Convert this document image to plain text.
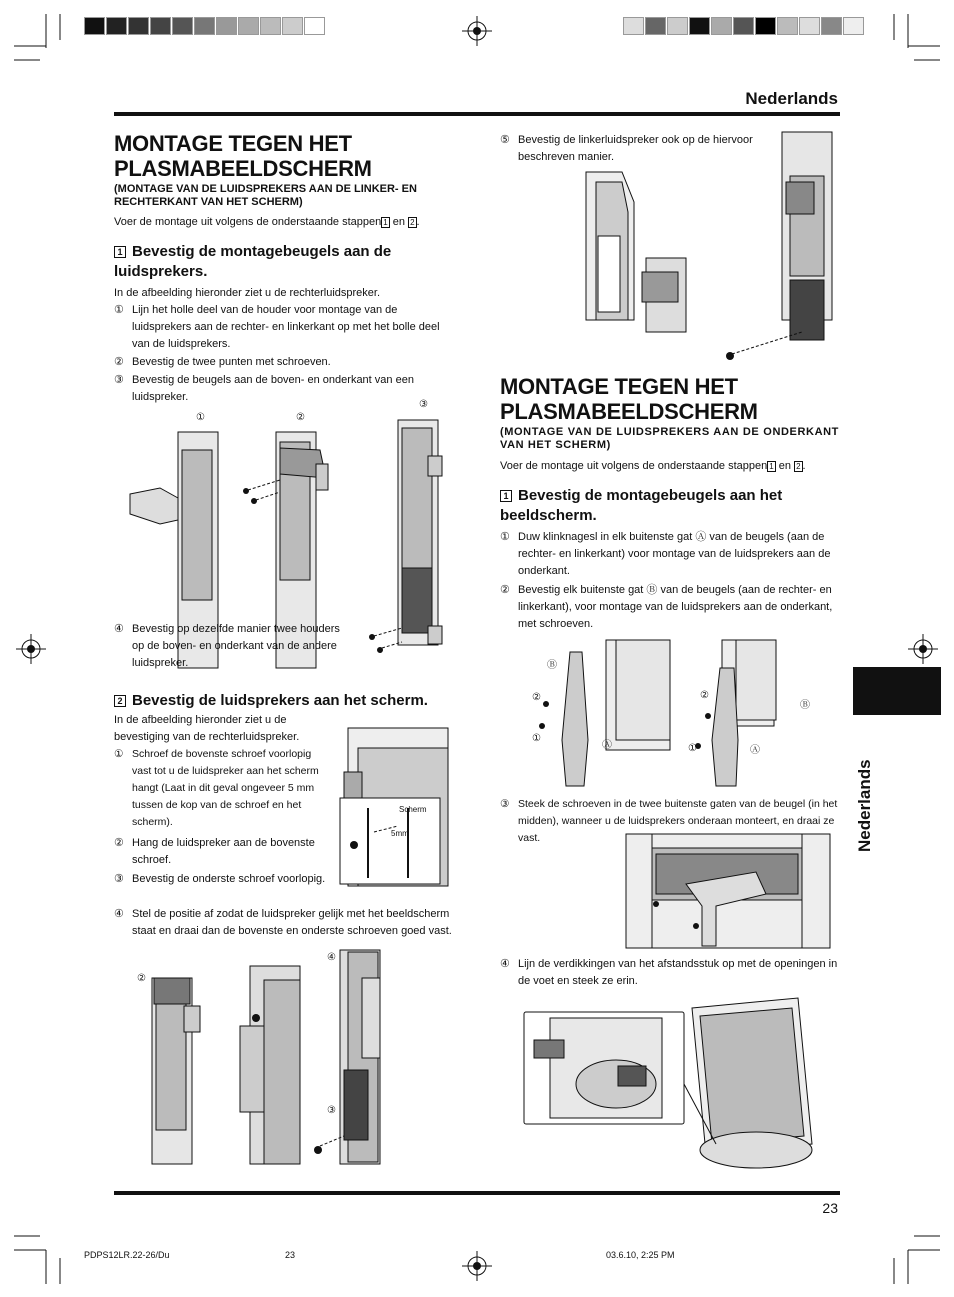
Nederlands
MONTAGE TEGEN HET PLASMABEELDSCHERM
(MONTAGE VAN DE LUIDSPREKERS AAN DE LINKER- EN RECHTERKANT VAN HET SCHERM)
Voer de montage uit volgens de onderstaande stappen 1 en 2 .
1 Bevestig de montagebeugels aan de luidsprekers.
In de afbeelding hieronder ziet u de rechterluidspreker.
① Lijn het holle deel van de houder voor montage van de luidsprekers aan de rechter- en linkerkant op met het bolle deel van de luidsprekers.
② Bevestig de twee punten met schroeven.
③ Bevestig de beugels aan de boven- en onderkant van een luidspreker.
①	②
③
④ Bevestig op dezelfde manier twee houders op de boven- en onderkant van de andere luidspreker.
2 Bevestig de luidsprekers aan het scherm.
In de afbeelding hieronder ziet u de bevestiging van de rechterluidspreker.
① Schroef de bovenste schroef voorlopig vast tot u de luidspreker aan het scherm hangt (Laat in dit geval ongeveer 5 mm tussen de kop van de schroef en het scherm).
② Hang de luidspreker aan de bovenste schroef.
③ Bevestig de onderste schroef voorlopig.
④ Stel de positie af zodat de luidspreker gelijk met het beeldscherm staat en draai dan de bovenste en onderste schroeven goed vast.
Scherm
5mm
②
④
③
⑤ Bevestig de linkerluidspreker ook op de hiervoor beschreven manier.
MONTAGE TEGEN HET PLASMABEELDSCHERM
(MONTAGE VAN DE LUIDSPREKERS AAN DE ONDERKANT VAN HET SCHERM)
Voer de montage uit volgens de onderstaande stappen 1 en 2 .
1 Bevestig de montagebeugels aan het beeldscherm.
① Duw klinknagesl in elk buitenste gat Ⓐ van de beugels (aan de rechter- en linkerkant) voor montage van de luidsprekers aan de onderkant.
② Bevestig elk buitenste gat Ⓑ van de beugels (aan de rechter- en linkerkant), voor montage van de luidsprekers aan de onderkant, met schroeven.
Ⓑ
②
①
Ⓐ
②
Ⓑ
①	Ⓐ
③ Steek de schroeven in de twee buitenste gaten van de beugel (in het midden), wanneer u de luidsprekers onderaan monteert, en draai ze vast.
④ Lijn de verdikkingen van het afstandsstuk op met de openingen in de voet en steek ze erin.
Nederlands
23
PDPS12LR.22-26/Du	23	03.6.10, 2:25 PM
